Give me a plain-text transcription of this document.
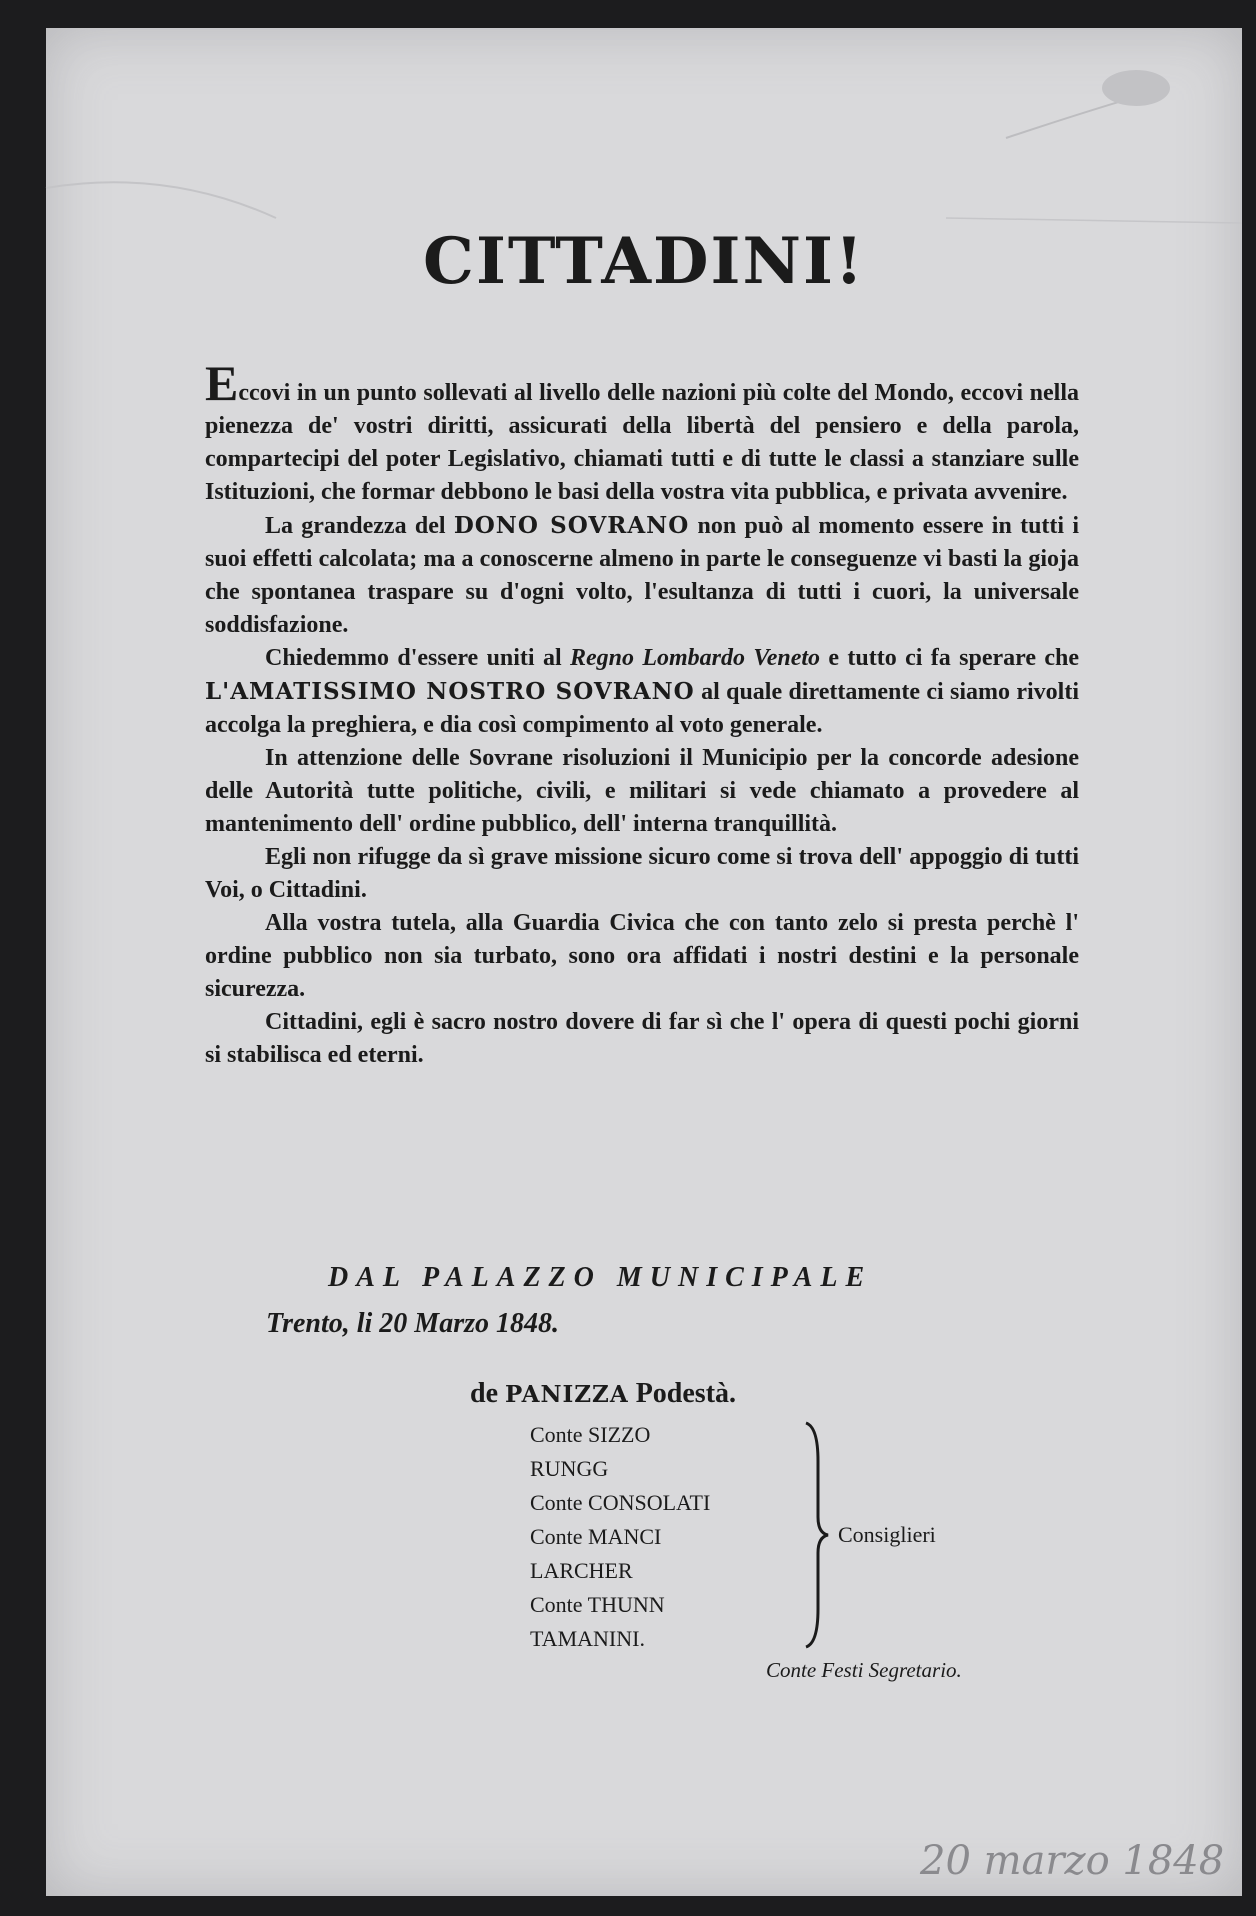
CITTADINI!

Eccovi in un punto sollevati al livello delle nazioni più colte del Mondo, eccovi nella pienezza de' vostri diritti, assicurati della libertà del pensiero e della parola, compartecipi del poter Legislativo, chiamati tutti e di tutte le classi a stanziare sulle Istituzioni, che formar debbono le basi della vostra vita pubblica, e privata avvenire.

La grandezza del DONO SOVRANO non può al momento essere in tutti i suoi effetti calcolata; ma a conoscerne almeno in parte le conseguenze vi basti la gioja che spontanea traspare su d'ogni volto, l'esultanza di tutti i cuori, la universale soddisfazione.

Chiedemmo d'essere uniti al Regno Lombardo Veneto e tutto ci fa sperare che L'AMATISSIMO NOSTRO SOVRANO al quale direttamente ci siamo rivolti accolga la preghiera, e dia così compimento al voto generale.

In attenzione delle Sovrane risoluzioni il Municipio per la concorde adesione delle Autorità tutte politiche, civili, e militari si vede chiamato a provedere al mantenimento dell' ordine pubblico, dell' interna tranquillità.

Egli non rifugge da sì grave missione sicuro come si trova dell' appoggio di tutti Voi, o Cittadini.

Alla vostra tutela, alla Guardia Civica che con tanto zelo si presta perchè l' ordine pubblico non sia turbato, sono ora affidati i nostri destini e la personale sicurezza.

Cittadini, egli è sacro nostro dovere di far sì che l' opera di questi pochi giorni si stabilisca ed eterni.

DAL PALAZZO MUNICIPALE
Trento, li 20 Marzo 1848.
de PANIZZA Podestà.
Conte SIZZO
RUNGG
Conte CONSOLATI
Conte MANCI
LARCHER
Conte THUNN
TAMANINI.
Consiglieri
Conte Festi Segretario.
20 marzo 1848
